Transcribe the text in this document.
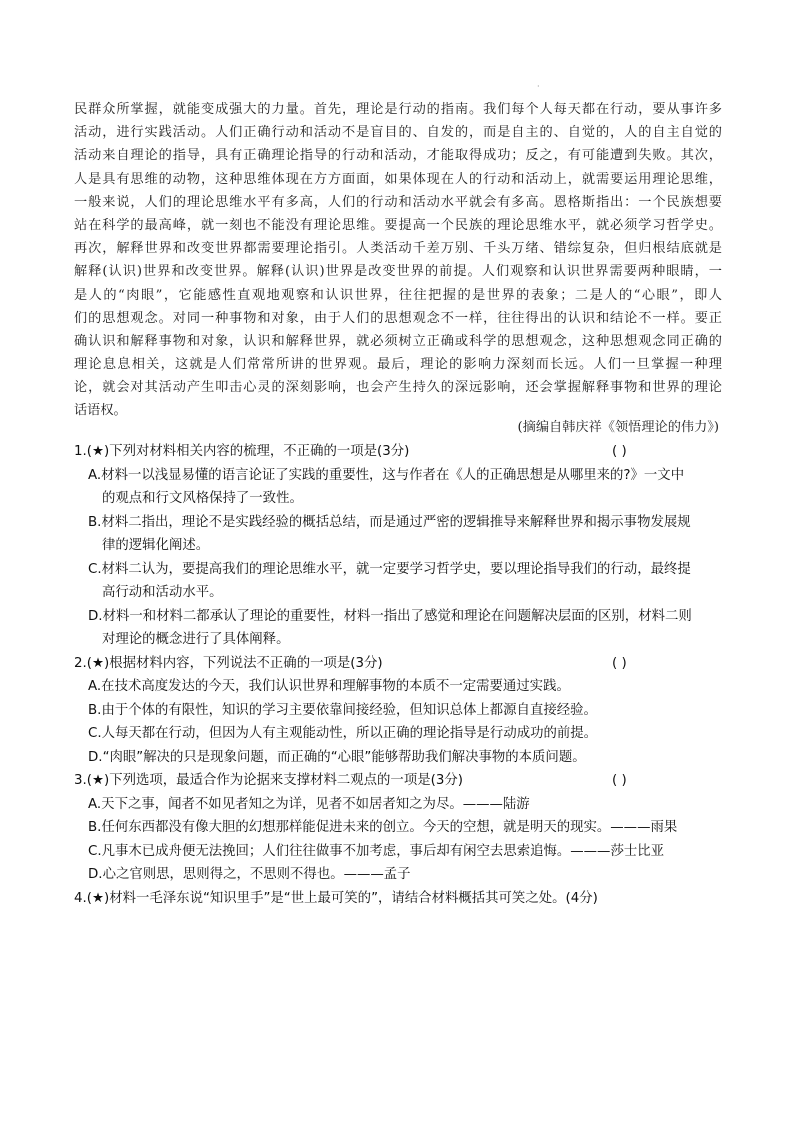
·
民群众所掌握，就能变成强大的力量。首先，理论是行动的指南。我们每个人每天都在行动，要从事许多
活动，进行实践活动。人们正确行动和活动不是盲目的、自发的，而是自主的、自觉的，人的自主自觉的
活动来自理论的指导，具有正确理论指导的行动和活动，才能取得成功；反之，有可能遭到失败。其次，
人是具有思维的动物，这种思维体现在方方面面，如果体现在人的行动和活动上，就需要运用理论思维，
一般来说，人们的理论思维水平有多高，人们的行动和活动水平就会有多高。恩格斯指出：一个民族想要
站在科学的最高峰，就一刻也不能没有理论思维。要提高一个民族的理论思维水平，就必须学习哲学史。
再次，解释世界和改变世界都需要理论指引。人类活动千差万别、千头万绪、错综复杂，但归根结底就是
解释(认识)世界和改变世界。解释(认识)世界是改变世界的前提。人们观察和认识世界需要两种眼睛，一
是人的“肉眼”，它能感性直观地观察和认识世界，往往把握的是世界的表象；二是人的“心眼”，即人
们的思想观念。对同一种事物和对象，由于人们的思想观念不一样，往往得出的认识和结论不一样。要正
确认识和解释事物和对象，认识和解释世界，就必须树立正确或科学的思想观念，这种思想观念同正确的
理论息息相关，这就是人们常常所讲的世界观。最后，理论的影响力深刻而长远。人们一旦掌握一种理
论，就会对其活动产生叩击心灵的深刻影响，也会产生持久的深远影响，还会掌握解释事物和世界的理论
话语权。
(摘编自韩庆祥《领悟理论的伟力》)
1.(★)下列对材料相关内容的梳理，不正确的一项是(3分)	( )
A.材料一以浅显易懂的语言论证了实践的重要性，这与作者在《人的正确思想是从哪里来的?》一文中
的观点和行文风格保持了一致性。
B.材料二指出，理论不是实践经验的概括总结，而是通过严密的逻辑推导来解释世界和揭示事物发展规
律的逻辑化阐述。
C.材料二认为，要提高我们的理论思维水平，就一定要学习哲学史，要以理论指导我们的行动，最终提
高行动和活动水平。
D.材料一和材料二都承认了理论的重要性，材料一指出了感觉和理论在问题解决层面的区别，材料二则
对理论的概念进行了具体阐释。
2.(★)根据材料内容，下列说法不正确的一项是(3分)	( )
A.在技术高度发达的今天，我们认识世界和理解事物的本质不一定需要通过实践。
B.由于个体的有限性，知识的学习主要依靠间接经验，但知识总体上都源自直接经验。
C.人每天都在行动，但因为人有主观能动性，所以正确的理论指导是行动成功的前提。
D.“肉眼”解决的只是现象问题，而正确的“心眼”能够帮助我们解决事物的本质问题。
3.(★)下列选项，最适合作为论据来支撑材料二观点的一项是(3分)	( )
A.天下之事，闻者不如见者知之为详，见者不如居者知之为尽。———陆游
B.任何东西都没有像大胆的幻想那样能促进未来的创立。今天的空想，就是明天的现实。———雨果
C.凡事木已成舟便无法挽回；人们往往做事不加考虑，事后却有闲空去思索追悔。———莎士比亚
D.心之官则思，思则得之，不思则不得也。———孟子
4.(★)材料一毛泽东说“知识里手”是“世上最可笑的”，请结合材料概括其可笑之处。(4分)
